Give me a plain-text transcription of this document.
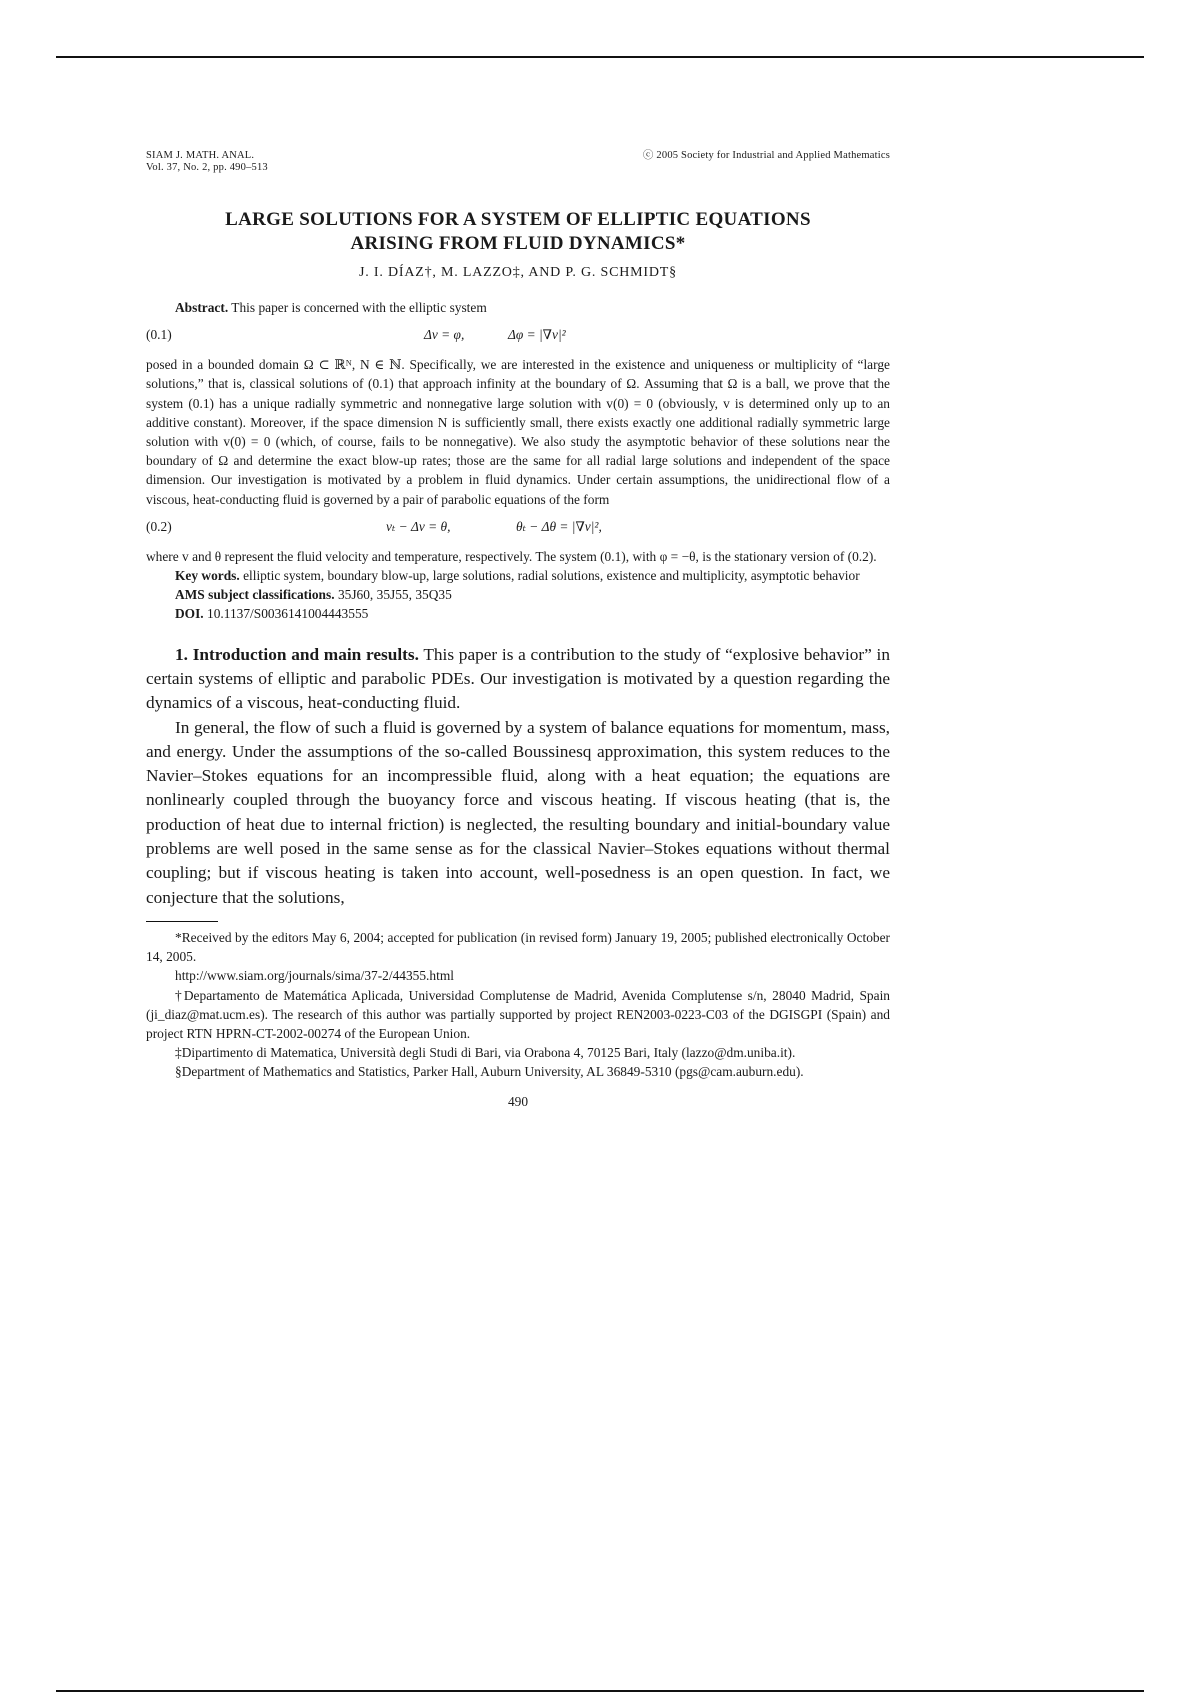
SIAM J. MATH. ANAL.
Vol. 37, No. 2, pp. 490–513
ⓒ 2005 Society for Industrial and Applied Mathematics
LARGE SOLUTIONS FOR A SYSTEM OF ELLIPTIC EQUATIONS
ARISING FROM FLUID DYNAMICS*
J. I. DÍAZ†, M. LAZZO‡, AND P. G. SCHMIDT§

Abstract. This paper is concerned with the elliptic system

(0.1)	Δv = φ,	Δφ = |∇v|²

posed in a bounded domain Ω ⊂ ℝᴺ, N ∈ ℕ. Specifically, we are interested in the existence and uniqueness or multiplicity of “large solutions,” that is, classical solutions of (0.1) that approach infinity at the boundary of Ω. Assuming that Ω is a ball, we prove that the system (0.1) has a unique radially symmetric and nonnegative large solution with v(0) = 0 (obviously, v is determined only up to an additive constant). Moreover, if the space dimension N is sufficiently small, there exists exactly one additional radially symmetric large solution with v(0) = 0 (which, of course, fails to be nonnegative). We also study the asymptotic behavior of these solutions near the boundary of Ω and determine the exact blow-up rates; those are the same for all radial large solutions and independent of the space dimension. Our investigation is motivated by a problem in fluid dynamics. Under certain assumptions, the unidirectional flow of a viscous, heat-conducting fluid is governed by a pair of parabolic equations of the form

(0.2)	vₜ − Δv = θ,	θₜ − Δθ = |∇v|²,

where v and θ represent the fluid velocity and temperature, respectively. The system (0.1), with φ = −θ, is the stationary version of (0.2).

Key words. elliptic system, boundary blow-up, large solutions, radial solutions, existence and multiplicity, asymptotic behavior

AMS subject classifications. 35J60, 35J55, 35Q35

DOI. 10.1137/S0036141004443555

1. Introduction and main results. This paper is a contribution to the study of “explosive behavior” in certain systems of elliptic and parabolic PDEs. Our investigation is motivated by a question regarding the dynamics of a viscous, heat-conducting fluid.

In general, the flow of such a fluid is governed by a system of balance equations for momentum, mass, and energy. Under the assumptions of the so-called Boussinesq approximation, this system reduces to the Navier–Stokes equations for an incompressible fluid, along with a heat equation; the equations are nonlinearly coupled through the buoyancy force and viscous heating. If viscous heating (that is, the production of heat due to internal friction) is neglected, the resulting boundary and initial-boundary value problems are well posed in the same sense as for the classical Navier–Stokes equations without thermal coupling; but if viscous heating is taken into account, well-posedness is an open question. In fact, we conjecture that the solutions,

*Received by the editors May 6, 2004; accepted for publication (in revised form) January 19, 2005; published electronically October 14, 2005.

http://www.siam.org/journals/sima/37-2/44355.html

†Departamento de Matemática Aplicada, Universidad Complutense de Madrid, Avenida Complutense s/n, 28040 Madrid, Spain (ji_diaz@mat.ucm.es). The research of this author was partially supported by project REN2003-0223-C03 of the DGISGPI (Spain) and project RTN HPRN-CT-2002-00274 of the European Union.

‡Dipartimento di Matematica, Università degli Studi di Bari, via Orabona 4, 70125 Bari, Italy (lazzo@dm.uniba.it).

§Department of Mathematics and Statistics, Parker Hall, Auburn University, AL 36849-5310 (pgs@cam.auburn.edu).

490
